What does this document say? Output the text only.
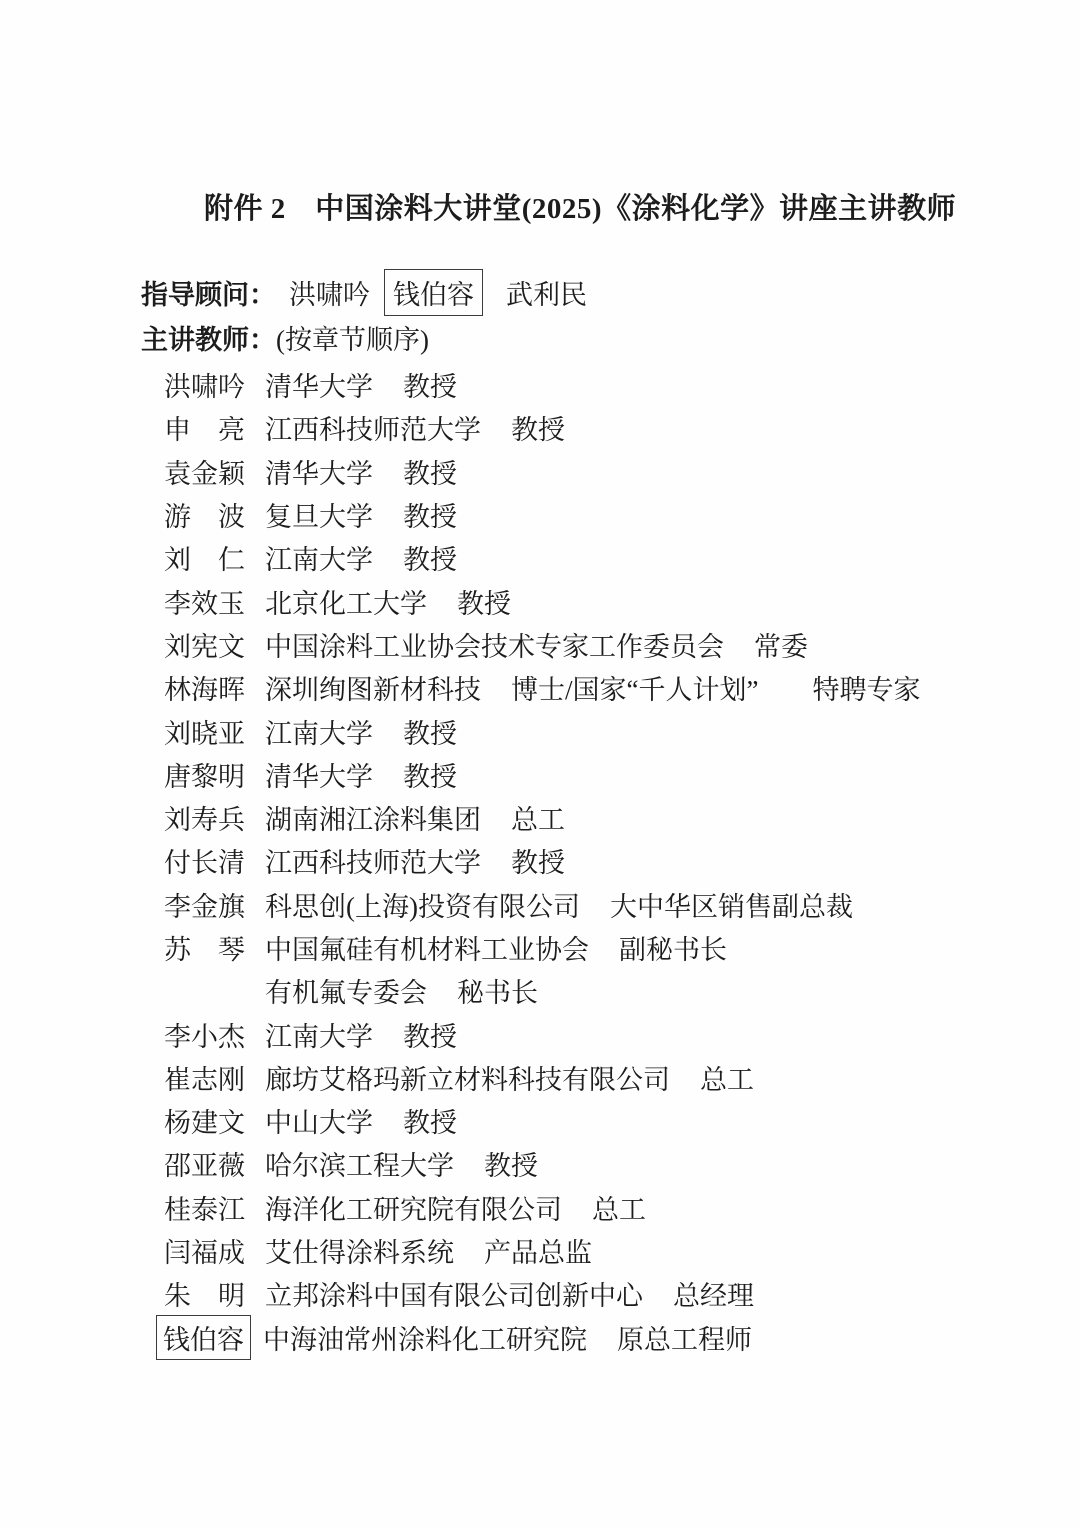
附件 2　中国涂料大讲堂(2025)《涂料化学》讲座主讲教师
指导顾问： 洪啸吟 钱伯容	武利民
主讲教师： (按章节顺序)
洪啸吟 清华大学 教授
申　亮 江西科技师范大学 教授
袁金颖 清华大学 教授
游　波 复旦大学 教授
刘　仁 江南大学 教授
李效玉 北京化工大学 教授
刘宪文 中国涂料工业协会技术专家工作委员会 常委
林海晖 深圳绚图新材科技 博士/国家“千人计划”　　特聘专家
刘晓亚 江南大学 教授
唐黎明 清华大学 教授
刘寿兵 湖南湘江涂料集团 总工
付长清 江西科技师范大学 教授
李金旗 科思创(上海)投资有限公司 大中华区销售副总裁
苏　琴 中国氟硅有机材料工业协会 副秘书长
有机氟专委会 秘书长
李小杰 江南大学 教授
崔志刚 廊坊艾格玛新立材料科技有限公司 总工
杨建文 中山大学 教授
邵亚薇 哈尔滨工程大学 教授
桂泰江 海洋化工研究院有限公司 总工
闫福成 艾仕得涂料系统 产品总监
朱　明 立邦涂料中国有限公司创新中心 总经理
钱伯容 中海油常州涂料化工研究院 原总工程师
